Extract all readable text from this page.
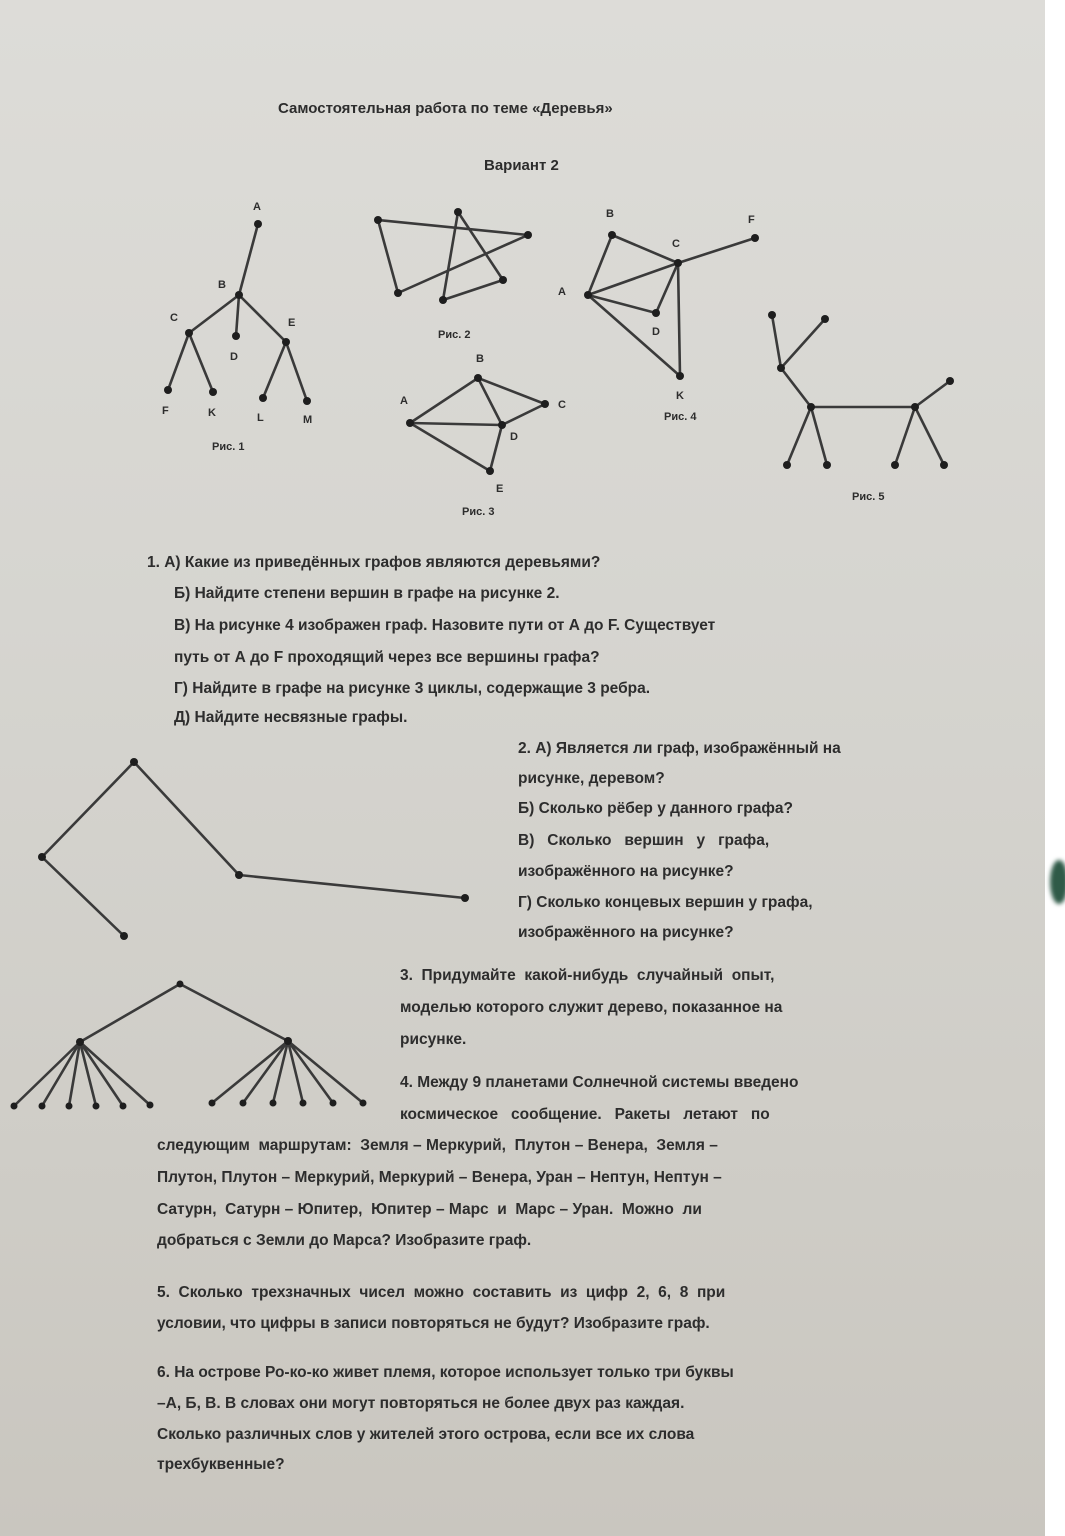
Самостоятельная работа по теме «Деревья»
Вариант 2
A
B
C
D
E
F	K	L	M
Рис. 1
Рис. 2
A
B
C
D
E
Рис. 3
A
B
C
D
F
K
Рис. 4
Рис. 5
1. А) Какие из приведённых графов являются деревьями?
Б) Найдите степени вершин в графе на рисунке 2.
В) На рисунке 4 изображен граф. Назовите пути от А до F. Существует
путь от А до F проходящий через все вершины графа?
Г) Найдите в графе на рисунке 3 циклы, содержащие 3 ребра.
Д) Найдите несвязные графы.
2. А) Является ли граф, изображённый на
рисунке, деревом?
Б) Сколько рёбер у данного графа?
В)   Сколько   вершин   у   графа,
изображённого на рисунке?
Г) Сколько концевых вершин у графа,
изображённого на рисунке?
3.  Придумайте  какой-нибудь  случайный  опыт,
моделью которого служит дерево, показанное на
рисунке.
4. Между 9 планетами Солнечной системы введено
космическое   сообщение.   Ракеты   летают   по
следующим  маршрутам:  Земля – Меркурий,  Плутон – Венера,  Земля –
Плутон, Плутон – Меркурий, Меркурий – Венера, Уран – Нептун, Нептун –
Сатурн,  Сатурн – Юпитер,  Юпитер – Марс  и  Марс – Уран.  Можно  ли
добраться с Земли до Марса? Изобразите граф.
5.  Сколько  трехзначных  чисел  можно  составить  из  цифр  2,  6,  8  при
условии, что цифры в записи повторяться не будут? Изобразите граф.
6. На острове Ро-ко-ко живет племя, которое использует только три буквы
–А, Б, В. В словах они могут повторяться не более двух раз каждая.
Сколько различных слов у жителей этого острова, если все их слова
трехбуквенные?
